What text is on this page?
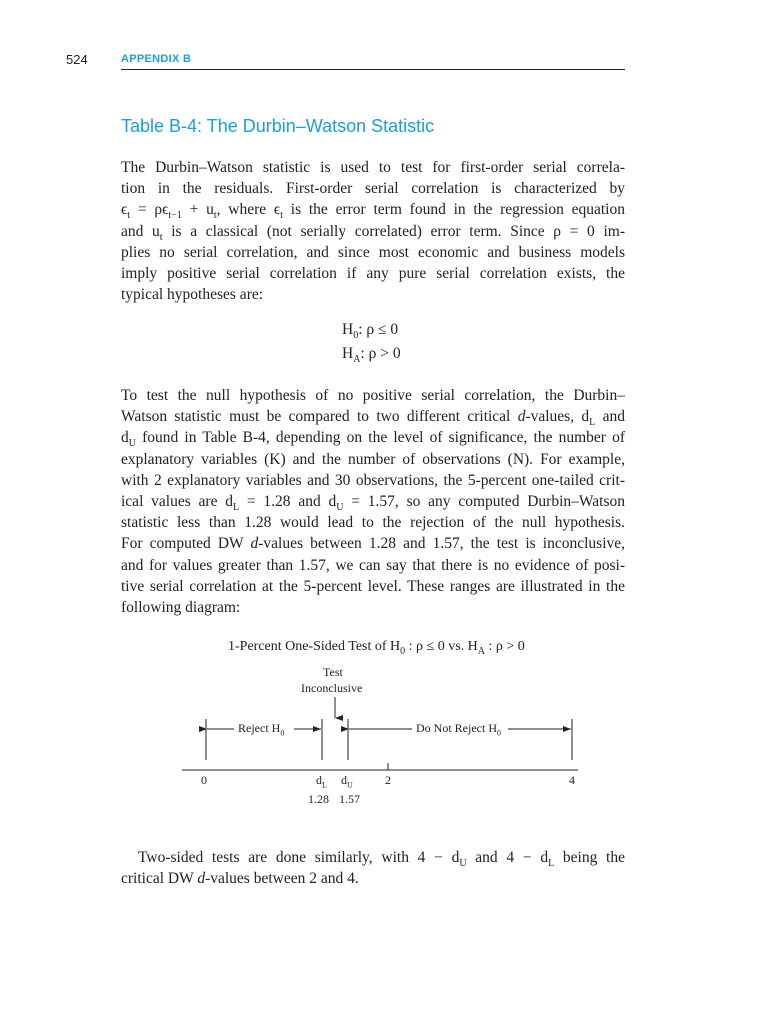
524	APPENDIX B
Table B-4: The Durbin–Watson Statistic
The Durbin–Watson statistic is used to test for first-order serial correla-
tion in the residuals. First-order serial correlation is characterized by
$\epsilon_t = \rho\epsilon_{t-1} + u_t$, where $\epsilon_t$ is the error term found in the regression equation
and $u_t$ is a classical (not serially correlated) error term. Since ρ = 0 im-
plies no serial correlation, and since most economic and business models
imply positive serial correlation if any pure serial correlation exists, the
typical hypotheses are:
$H_0$: ρ ≤ 0
$H_A$: ρ > 0
To test the null hypothesis of no positive serial correlation, the Durbin–
Watson statistic must be compared to two different critical d-values, $d_L$ and
$d_U$ found in Table B-4, depending on the level of significance, the number of
explanatory variables (K) and the number of observations (N). For example,
with 2 explanatory variables and 30 observations, the 5-percent one-tailed crit-
ical values are $d_L = 1.28$ and $d_U = 1.57$, so any computed Durbin–Watson
statistic less than 1.28 would lead to the rejection of the null hypothesis.
For computed DW d-values between 1.28 and 1.57, the test is inconclusive,
and for values greater than 1.57, we can say that there is no evidence of posi-
tive serial correlation at the 5-percent level. These ranges are illustrated in the
following diagram:
1-Percent One-Sided Test of $H_0$ : ρ ≤ 0 vs. $H_A$ : ρ > 0
Test
Inconclusive
Reject $H_0$	Do Not Reject $H_0$
0	$d_L$ $d_U$	2	4
1.28 1.57
Two-sided tests are done similarly, with $4 - d_U$ and $4 - d_L$ being the
critical DW d-values between 2 and 4.
